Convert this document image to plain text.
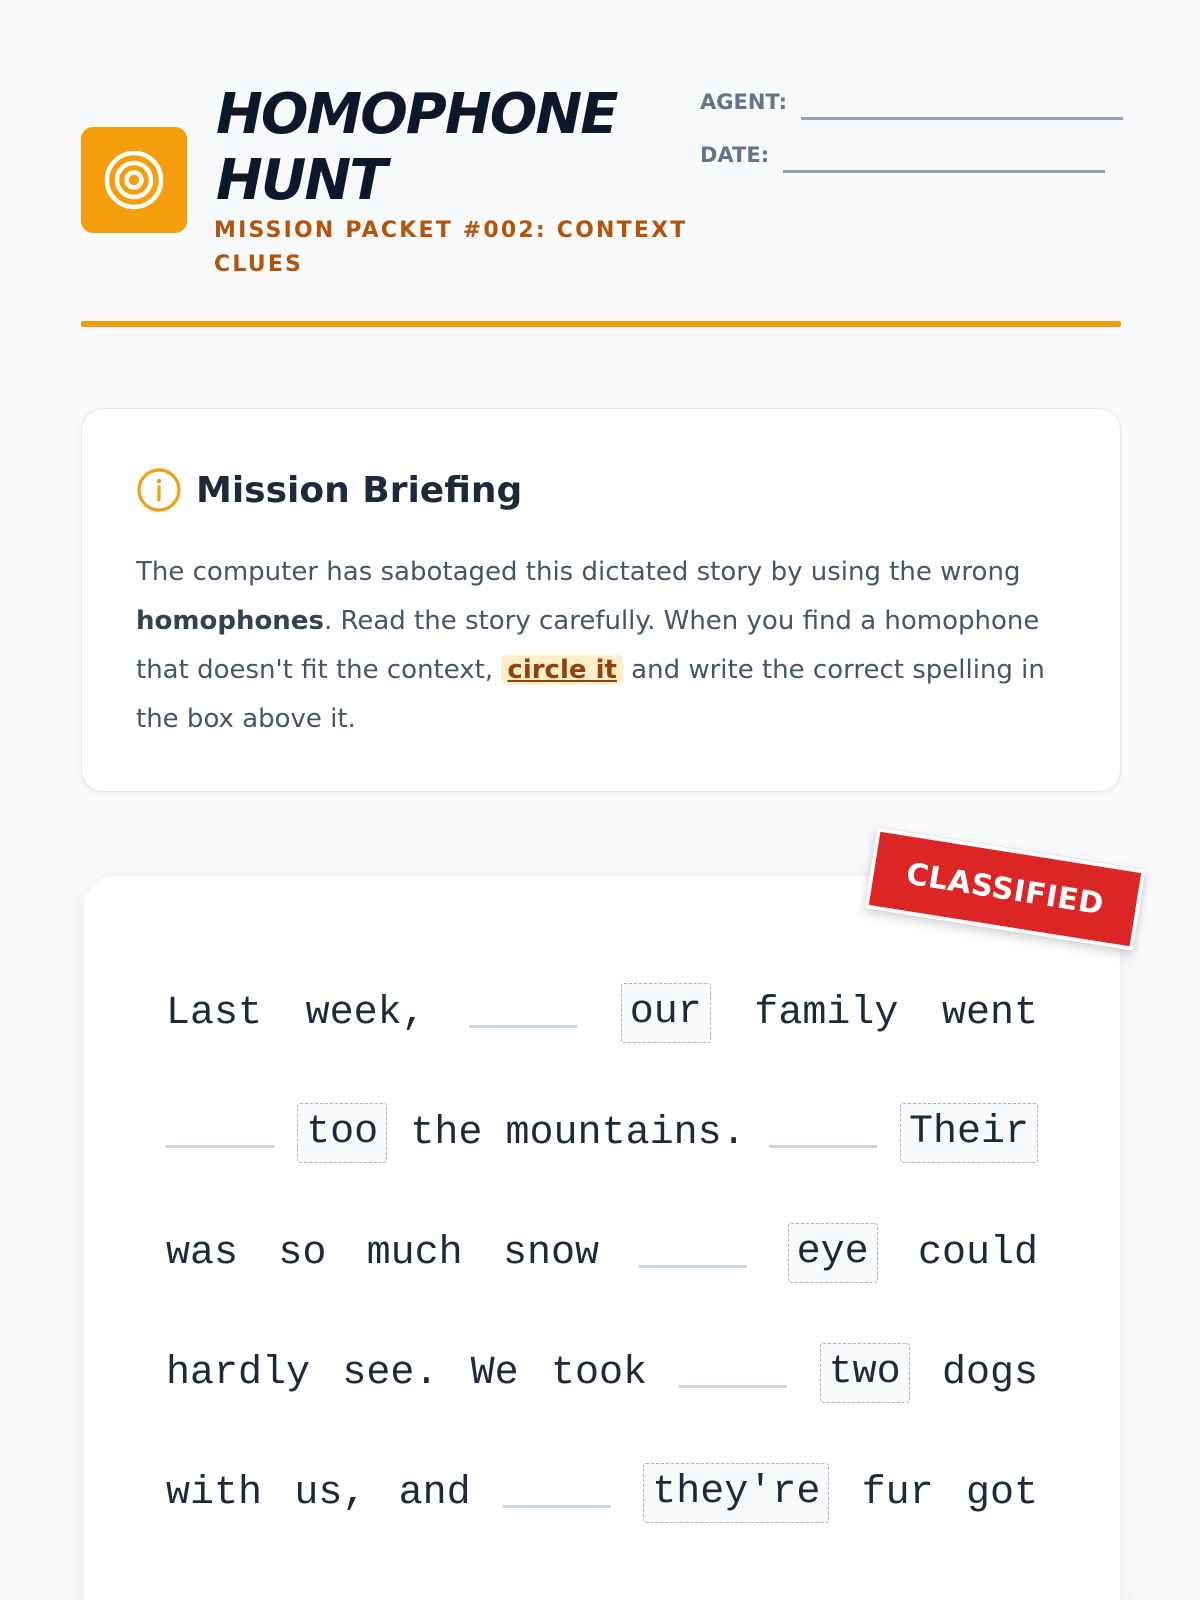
HOMOPHONE
HUNT
MISSION PACKET #002: CONTEXT CLUES
AGENT:
DATE:
Mission Briefing

The computer has sabotaged this dictated story by using the wrong homophones. Read the story carefully. When you find a homophone that doesn't fit the context, circle it and write the correct spelling in the box above it.

Last week,	our family went
too the mountains.	Their
was so much snow	eye could
hardly see. We took	two dogs
with us, and	they're fur got
CLASSIFIED
